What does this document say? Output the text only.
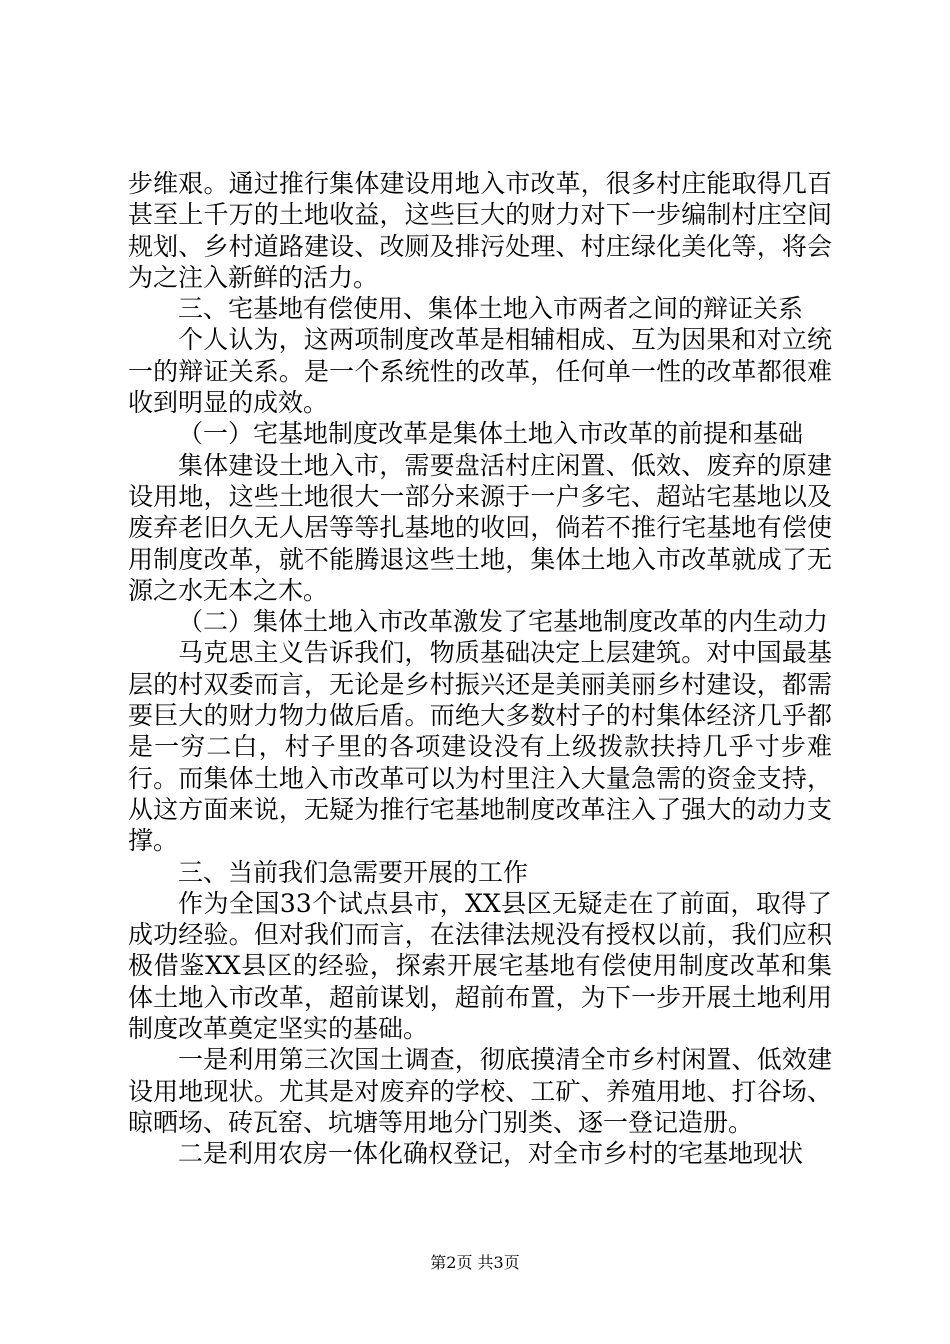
步维艰。通过推行集体建设用地入市改革，很多村庄能取得几百甚至上千万的土地收益，这些巨大的财力对下一步编制村庄空间规划、乡村道路建设、改厕及排污处理、村庄绿化美化等，将会为之注入新鲜的活力。

三、宅基地有偿使用、集体土地入市两者之间的辩证关系

个人认为，这两项制度改革是相辅相成、互为因果和对立统一的辩证关系。是一个系统性的改革，任何单一性的改革都很难收到明显的成效。

（一）宅基地制度改革是集体土地入市改革的前提和基础

集体建设土地入市，需要盘活村庄闲置、低效、废弃的原建设用地，这些土地很大一部分来源于一户多宅、超站宅基地以及废弃老旧久无人居等等扎基地的收回，倘若不推行宅基地有偿使用制度改革，就不能腾退这些土地，集体土地入市改革就成了无源之水无本之木。

（二）集体土地入市改革激发了宅基地制度改革的内生动力

马克思主义告诉我们，物质基础决定上层建筑。对中国最基层的村双委而言，无论是乡村振兴还是美丽美丽乡村建设，都需要巨大的财力物力做后盾。而绝大多数村子的村集体经济几乎都是一穷二白，村子里的各项建设没有上级拨款扶持几乎寸步难行。而集体土地入市改革可以为村里注入大量急需的资金支持，从这方面来说，无疑为推行宅基地制度改革注入了强大的动力支撑。

三、当前我们急需要开展的工作

作为全国33个试点县市，XX县区无疑走在了前面，取得了成功经验。但对我们而言，在法律法规没有授权以前，我们应积极借鉴XX县区的经验，探索开展宅基地有偿使用制度改革和集体土地入市改革，超前谋划，超前布置，为下一步开展土地利用制度改革奠定坚实的基础。

一是利用第三次国土调查，彻底摸清全市乡村闲置、低效建设用地现状。尤其是对废弃的学校、工矿、养殖用地、打谷场、晾晒场、砖瓦窑、坑塘等用地分门别类、逐一登记造册。

二是利用农房一体化确权登记，对全市乡村的宅基地现状

第2页 共3页
